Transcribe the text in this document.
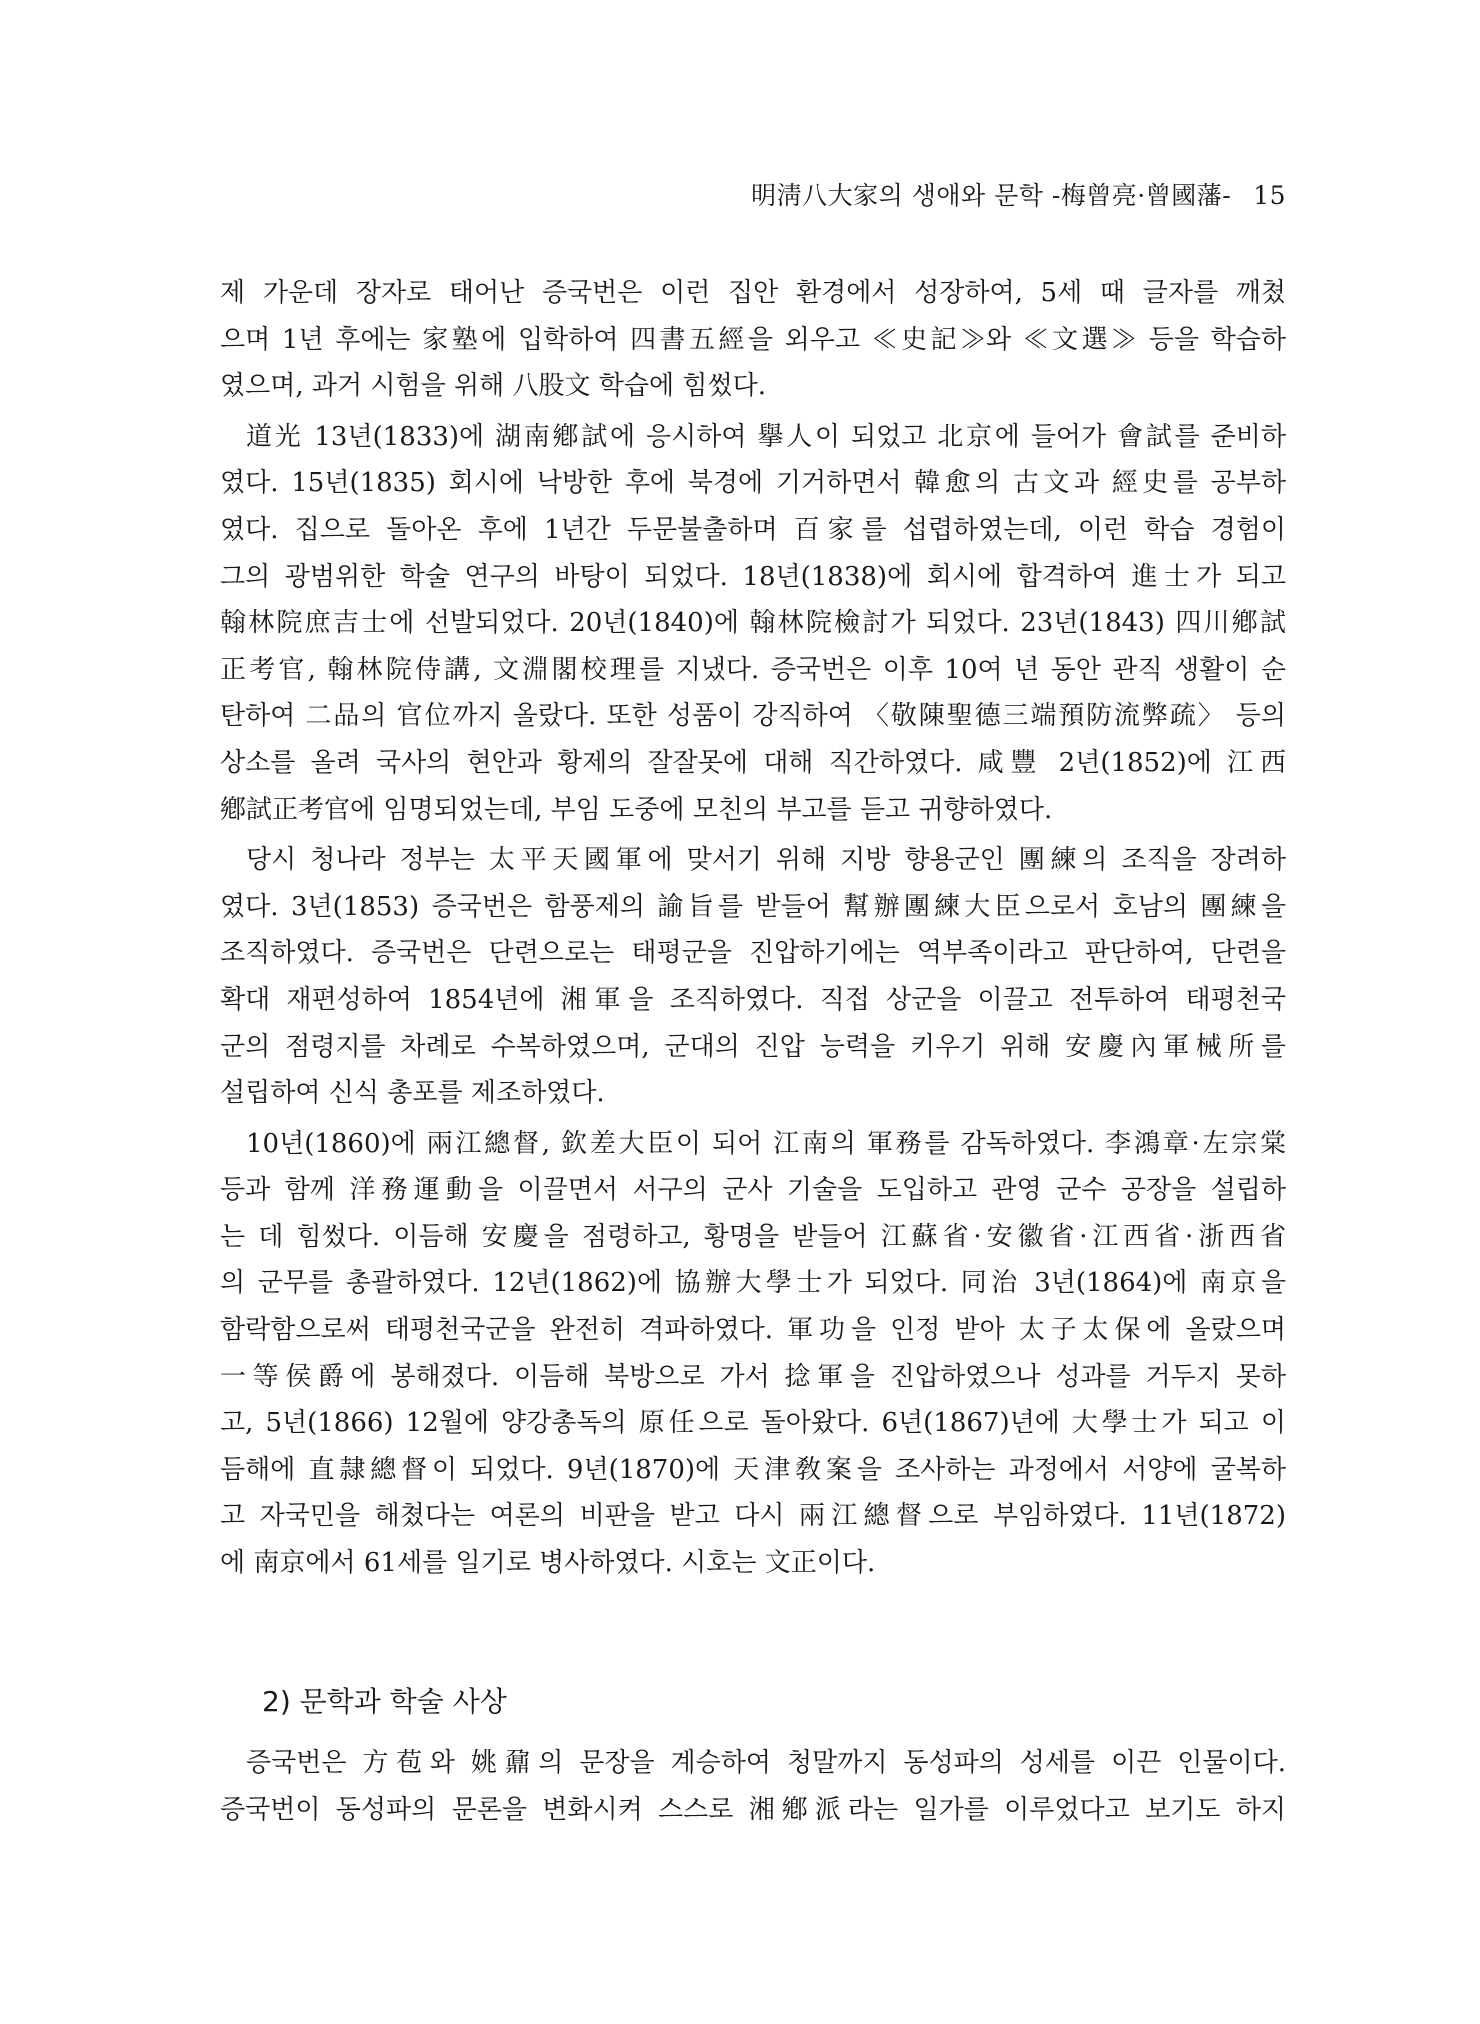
明淸八大家의 생애와 문학 -梅曾亮·曾國藩- 15

제 가운데 장자로 태어난 증국번은 이런 집안 환경에서 성장하여, 5세 때 글자를 깨쳤
으며 1년 후에는 家塾에 입학하여 四書五經을 외우고 ≪史記≫와 ≪文選≫ 등을 학습하
였으며, 과거 시험을 위해 八股文 학습에 힘썼다.

道光 13년(1833)에 湖南鄕試에 응시하여 擧人이 되었고 北京에 들어가 會試를 준비하
였다. 15년(1835) 회시에 낙방한 후에 북경에 기거하면서 韓愈의 古文과 經史를 공부하
였다. 집으로 돌아온 후에 1년간 두문불출하며 百家를 섭렵하였는데, 이런 학습 경험이
그의 광범위한 학술 연구의 바탕이 되었다. 18년(1838)에 회시에 합격하여 進士가 되고
翰林院庶吉士에 선발되었다. 20년(1840)에 翰林院檢討가 되었다. 23년(1843) 四川鄕試
正考官, 翰林院侍講, 文淵閣校理를 지냈다. 증국번은 이후 10여 년 동안 관직 생활이 순
탄하여 二品의 官位까지 올랐다. 또한 성품이 강직하여 〈敬陳聖德三端預防流弊疏〉 등의
상소를 올려 국사의 현안과 황제의 잘잘못에 대해 직간하였다. 咸豐 2년(1852)에 江西
鄕試正考官에 임명되었는데, 부임 도중에 모친의 부고를 듣고 귀향하였다.

당시 청나라 정부는 太平天國軍에 맞서기 위해 지방 향용군인 團練의 조직을 장려하
였다. 3년(1853) 증국번은 함풍제의 諭旨를 받들어 幫辦團練大臣으로서 호남의 團練을
조직하였다. 증국번은 단련으로는 태평군을 진압하기에는 역부족이라고 판단하여, 단련을
확대 재편성하여 1854년에 湘軍을 조직하였다. 직접 상군을 이끌고 전투하여 태평천국
군의 점령지를 차례로 수복하였으며, 군대의 진압 능력을 키우기 위해 安慶內軍械所를
설립하여 신식 총포를 제조하였다.

10년(1860)에 兩江總督, 欽差大臣이 되어 江南의 軍務를 감독하였다. 李鴻章·左宗棠
등과 함께 洋務運動을 이끌면서 서구의 군사 기술을 도입하고 관영 군수 공장을 설립하
는 데 힘썼다. 이듬해 安慶을 점령하고, 황명을 받들어 江蘇省·安徽省·江西省·浙西省
의 군무를 총괄하였다. 12년(1862)에 協辦大學士가 되었다. 同治 3년(1864)에 南京을
함락함으로써 태평천국군을 완전히 격파하였다. 軍功을 인정 받아 太子太保에 올랐으며
一等侯爵에 봉해졌다. 이듬해 북방으로 가서 捻軍을 진압하였으나 성과를 거두지 못하
고, 5년(1866) 12월에 양강총독의 原任으로 돌아왔다. 6년(1867)년에 大學士가 되고 이
듬해에 直隷總督이 되었다. 9년(1870)에 天津敎案을 조사하는 과정에서 서양에 굴복하
고 자국민을 해쳤다는 여론의 비판을 받고 다시 兩江總督으로 부임하였다. 11년(1872)
에 南京에서 61세를 일기로 병사하였다. 시호는 文正이다.

2) 문학과 학술 사상
증국번은 方苞와 姚鼐의 문장을 계승하여 청말까지 동성파의 성세를 이끈 인물이다.
증국번이 동성파의 문론을 변화시켜 스스로 湘鄕派라는 일가를 이루었다고 보기도 하지
